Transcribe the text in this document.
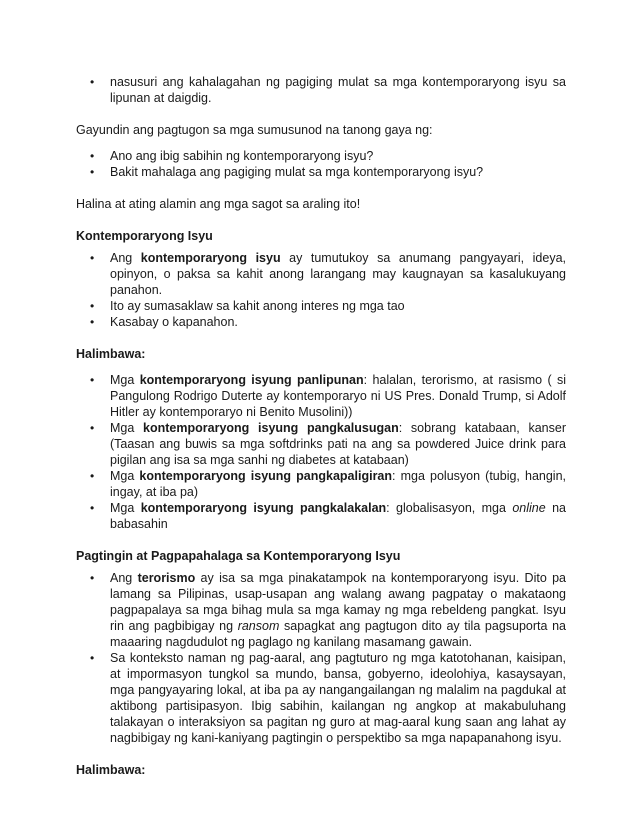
• nasusuri ang kahalagahan ng pagiging mulat sa mga kontemporaryong isyu sa lipunan at daigdig.

Gayundin ang pagtugon sa mga sumusunod na tanong gaya ng:

• Ano ang ibig sabihin ng kontemporaryong isyu?
• Bakit mahalaga ang pagiging mulat sa mga kontemporaryong isyu?

Halina at ating alamin ang mga sagot sa araling ito!

Kontemporaryong Isyu

• Ang kontemporaryong isyu ay tumutukoy sa anumang pangyayari, ideya, opinyon, o paksa sa kahit anong larangang may kaugnayan sa kasalukuyang panahon.
• Ito ay sumasaklaw sa kahit anong interes ng mga tao
• Kasabay o kapanahon.

Halimbawa:

• Mga kontemporaryong isyung panlipunan: halalan, terorismo, at rasismo ( si Pangulong Rodrigo Duterte ay kontemporaryo ni US Pres. Donald Trump, si Adolf Hitler ay kontemporaryo ni Benito Musolini))
• Mga kontemporaryong isyung pangkalusugan: sobrang katabaan, kanser (Taasan ang buwis sa mga softdrinks pati na ang sa powdered Juice drink para pigilan ang isa sa mga sanhi ng diabetes at katabaan)
• Mga kontemporaryong isyung pangkapaligiran: mga polusyon (tubig, hangin, ingay, at iba pa)
• Mga kontemporaryong isyung pangkalakalan: globalisasyon, mga online na babasahin

Pagtingin at Pagpapahalaga sa Kontemporaryong Isyu

• Ang terorismo ay isa sa mga pinakatampok na kontemporaryong isyu. Dito pa lamang sa Pilipinas, usap-usapan ang walang awang pagpatay o makataong pagpapalaya sa mga bihag mula sa mga kamay ng mga rebeldeng pangkat. Isyu rin ang pagbibigay ng ransom sapagkat ang pagtugon dito ay tila pagsuporta na maaaring nagdudulot ng paglago ng kanilang masamang gawain.
• Sa konteksto naman ng pag-aaral, ang pagtuturo ng mga katotohanan, kaisipan, at impormasyon tungkol sa mundo, bansa, gobyerno, ideolohiya, kasaysayan, mga pangyayaring lokal, at iba pa ay nangangailangan ng malalim na pagdukal at aktibong partisipasyon. Ibig sabihin, kailangan ng angkop at makabuluhang talakayan o interaksiyon sa pagitan ng guro at mag-aaral kung saan ang lahat ay nagbibigay ng kani-kaniyang pagtingin o perspektibo sa mga napapanahong isyu.

Halimbawa:
